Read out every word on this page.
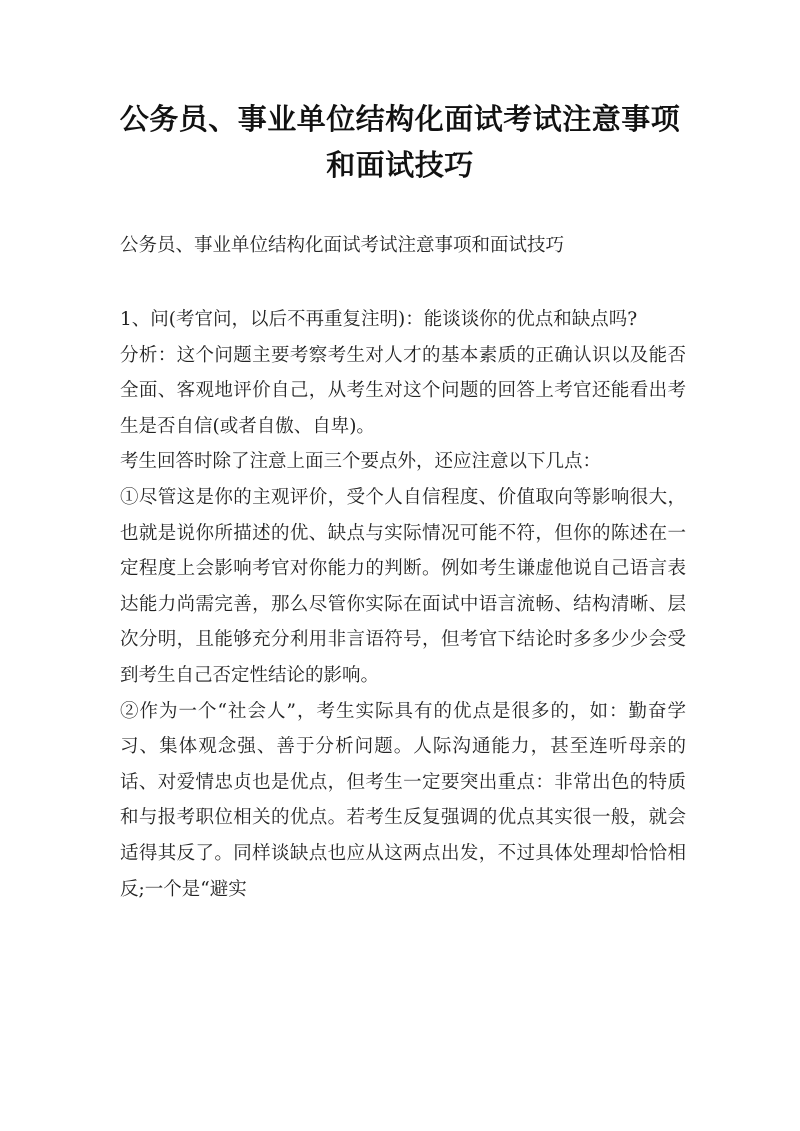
公务员、事业单位结构化面试考试注意事项
和面试技巧
公务员、事业单位结构化面试考试注意事项和面试技巧

1、问(考官问，以后不再重复注明)：能谈谈你的优点和缺点吗?

分析：这个问题主要考察考生对人才的基本素质的正确认识以及能否全面、客观地评价自己，从考生对这个问题的回答上考官还能看出考生是否自信(或者自傲、自卑)。

考生回答时除了注意上面三个要点外，还应注意以下几点：

①尽管这是你的主观评价，受个人自信程度、价值取向等影响很大，也就是说你所描述的优、缺点与实际情况可能不符，但你的陈述在一定程度上会影响考官对你能力的判断。例如考生谦虚他说自己语言表达能力尚需完善，那么尽管你实际在面试中语言流畅、结构清晰、层次分明，且能够充分利用非言语符号，但考官下结论时多多少少会受到考生自己否定性结论的影响。

②作为一个“社会人”，考生实际具有的优点是很多的，如：勤奋学习、集体观念强、善于分析问题。人际沟通能力，甚至连听母亲的话、对爱情忠贞也是优点，但考生一定要突出重点：非常出色的特质和与报考职位相关的优点。若考生反复强调的优点其实很一般，就会适得其反了。同样谈缺点也应从这两点出发，不过具体处理却恰恰相反;一个是“避实
